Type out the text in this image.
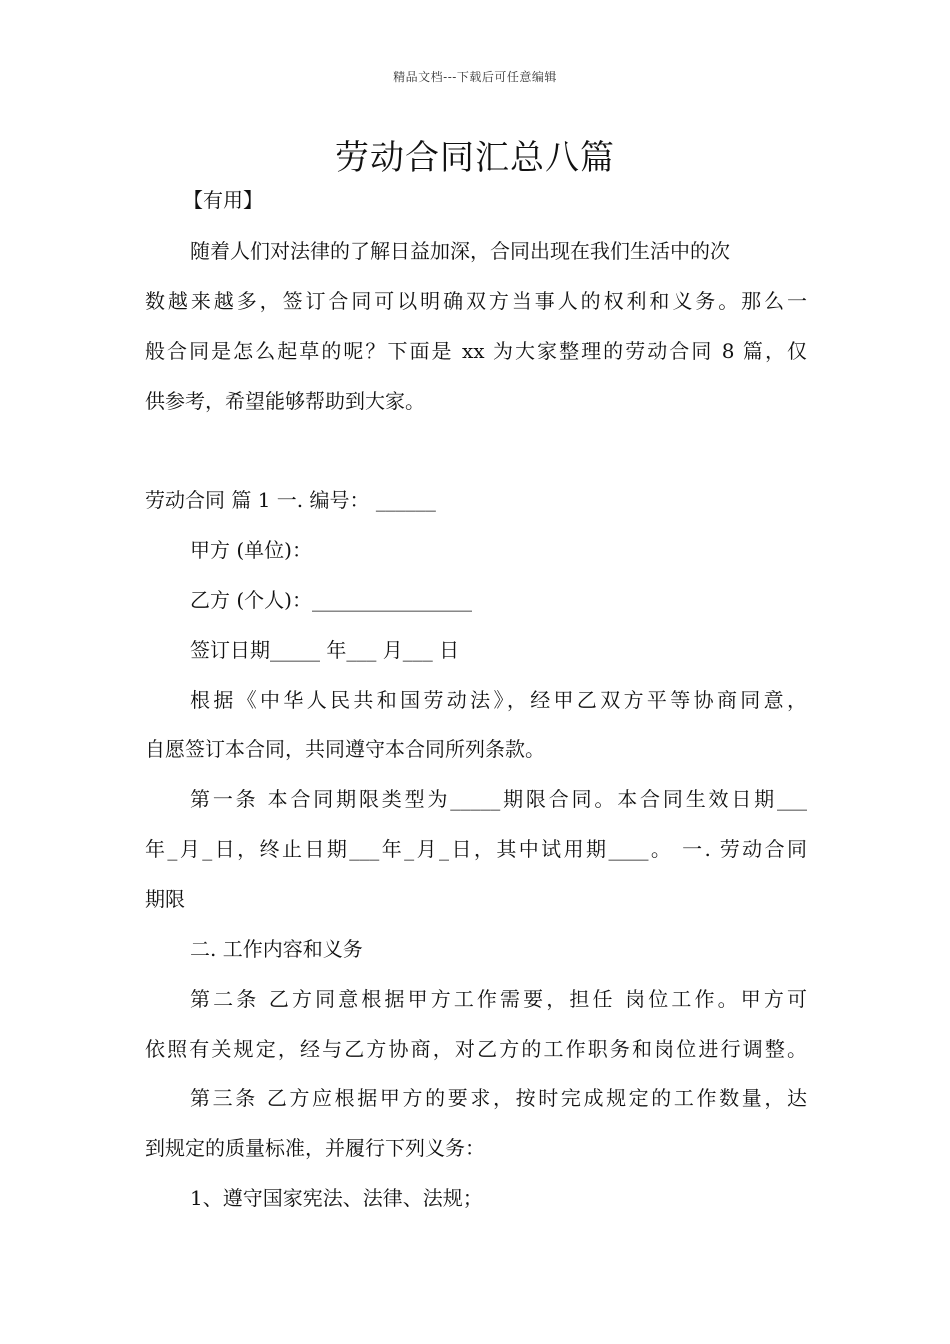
精品文档---下载后可任意编辑
劳动合同汇总八篇

【有用】

随着人们对法律的了解日益加深，合同出现在我们生活中的次

数越来越多，签订合同可以明确双方当事人的权利和义务。那么一

般合同是怎么起草的呢？下面是 xx 为大家整理的劳动合同 8 篇，仅

供参考，希望能够帮助到大家。

劳动合同 篇 1 一. 编号： ______

甲方 (单位)：

乙方 (个人)：________________

签订日期_____ 年___ 月___ 日

根据《中华人民共和国劳动法》，经甲乙双方平等协商同意，

自愿签订本合同，共同遵守本合同所列条款。

第一条 本合同期限类型为_____期限合同。本合同生效日期___

年_月_日，终止日期___年_月_日，其中试用期____。 一. 劳动合同

期限

二. 工作内容和义务

第二条 乙方同意根据甲方工作需要，担任 岗位工作。甲方可

依照有关规定，经与乙方协商，对乙方的工作职务和岗位进行调整。

第三条 乙方应根据甲方的要求，按时完成规定的工作数量，达

到规定的质量标准，并履行下列义务：

1、遵守国家宪法、法律、法规；
